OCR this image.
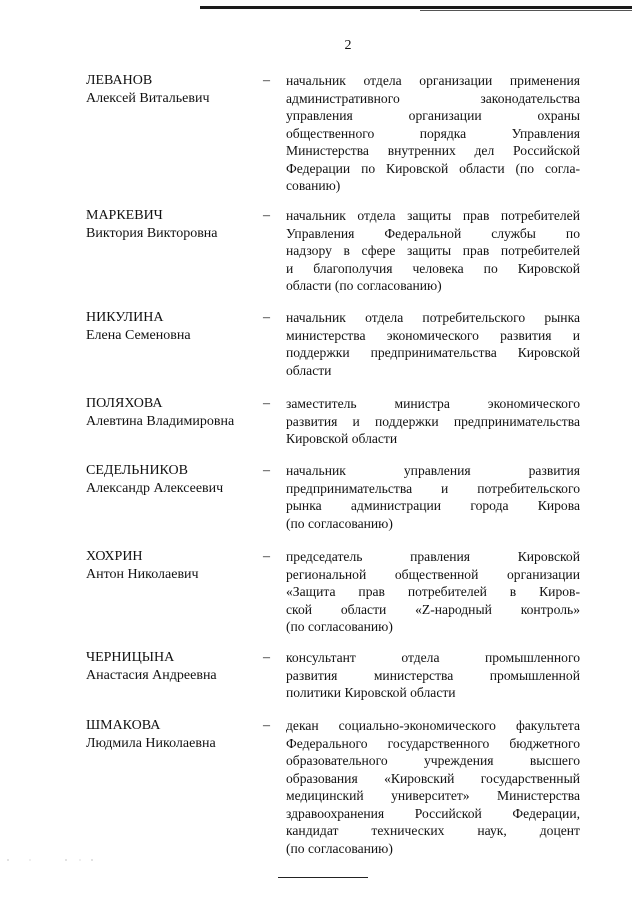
2
ЛЕВАНОВ
Алексей Витальевич
– начальник отдела организации применения
административного законодательства
управления организации охраны
общественного порядка Управления
Министерства внутренних дел Российской
Федерации по Кировской области (по согла-
сованию)
МАРКЕВИЧ
Виктория Викторовна
– начальник отдела защиты прав потребителей
Управления Федеральной службы по
надзору в сфере защиты прав потребителей
и благополучия человека по Кировской
области (по согласованию)
НИКУЛИНА
Елена Семеновна
– начальник отдела потребительского рынка
министерства экономического развития и
поддержки предпринимательства Кировской
области
ПОЛЯХОВА
Алевтина Владимировна
– заместитель министра экономического
развития и поддержки предпринимательства
Кировской области
СЕДЕЛЬНИКОВ
Александр Алексеевич
– начальник управления развития
предпринимательства и потребительского
рынка администрации города Кирова
(по согласованию)
ХОХРИН
Антон Николаевич
– председатель правления Кировской
региональной общественной организации
«Защита прав потребителей в Киров-
ской области «Z-народный контроль»
(по согласованию)
ЧЕРНИЦЫНА
Анастасия Андреевна
– консультант отдела промышленного
развития министерства промышленной
политики Кировской области
ШМАКОВА
Людмила Николаевна
– декан социально-экономического факультета
Федерального государственного бюджетного
образовательного учреждения высшего
образования «Кировский государственный
медицинский университет» Министерства
здравоохранения Российской Федерации,
кандидат технических наук, доцент
(по согласованию)
